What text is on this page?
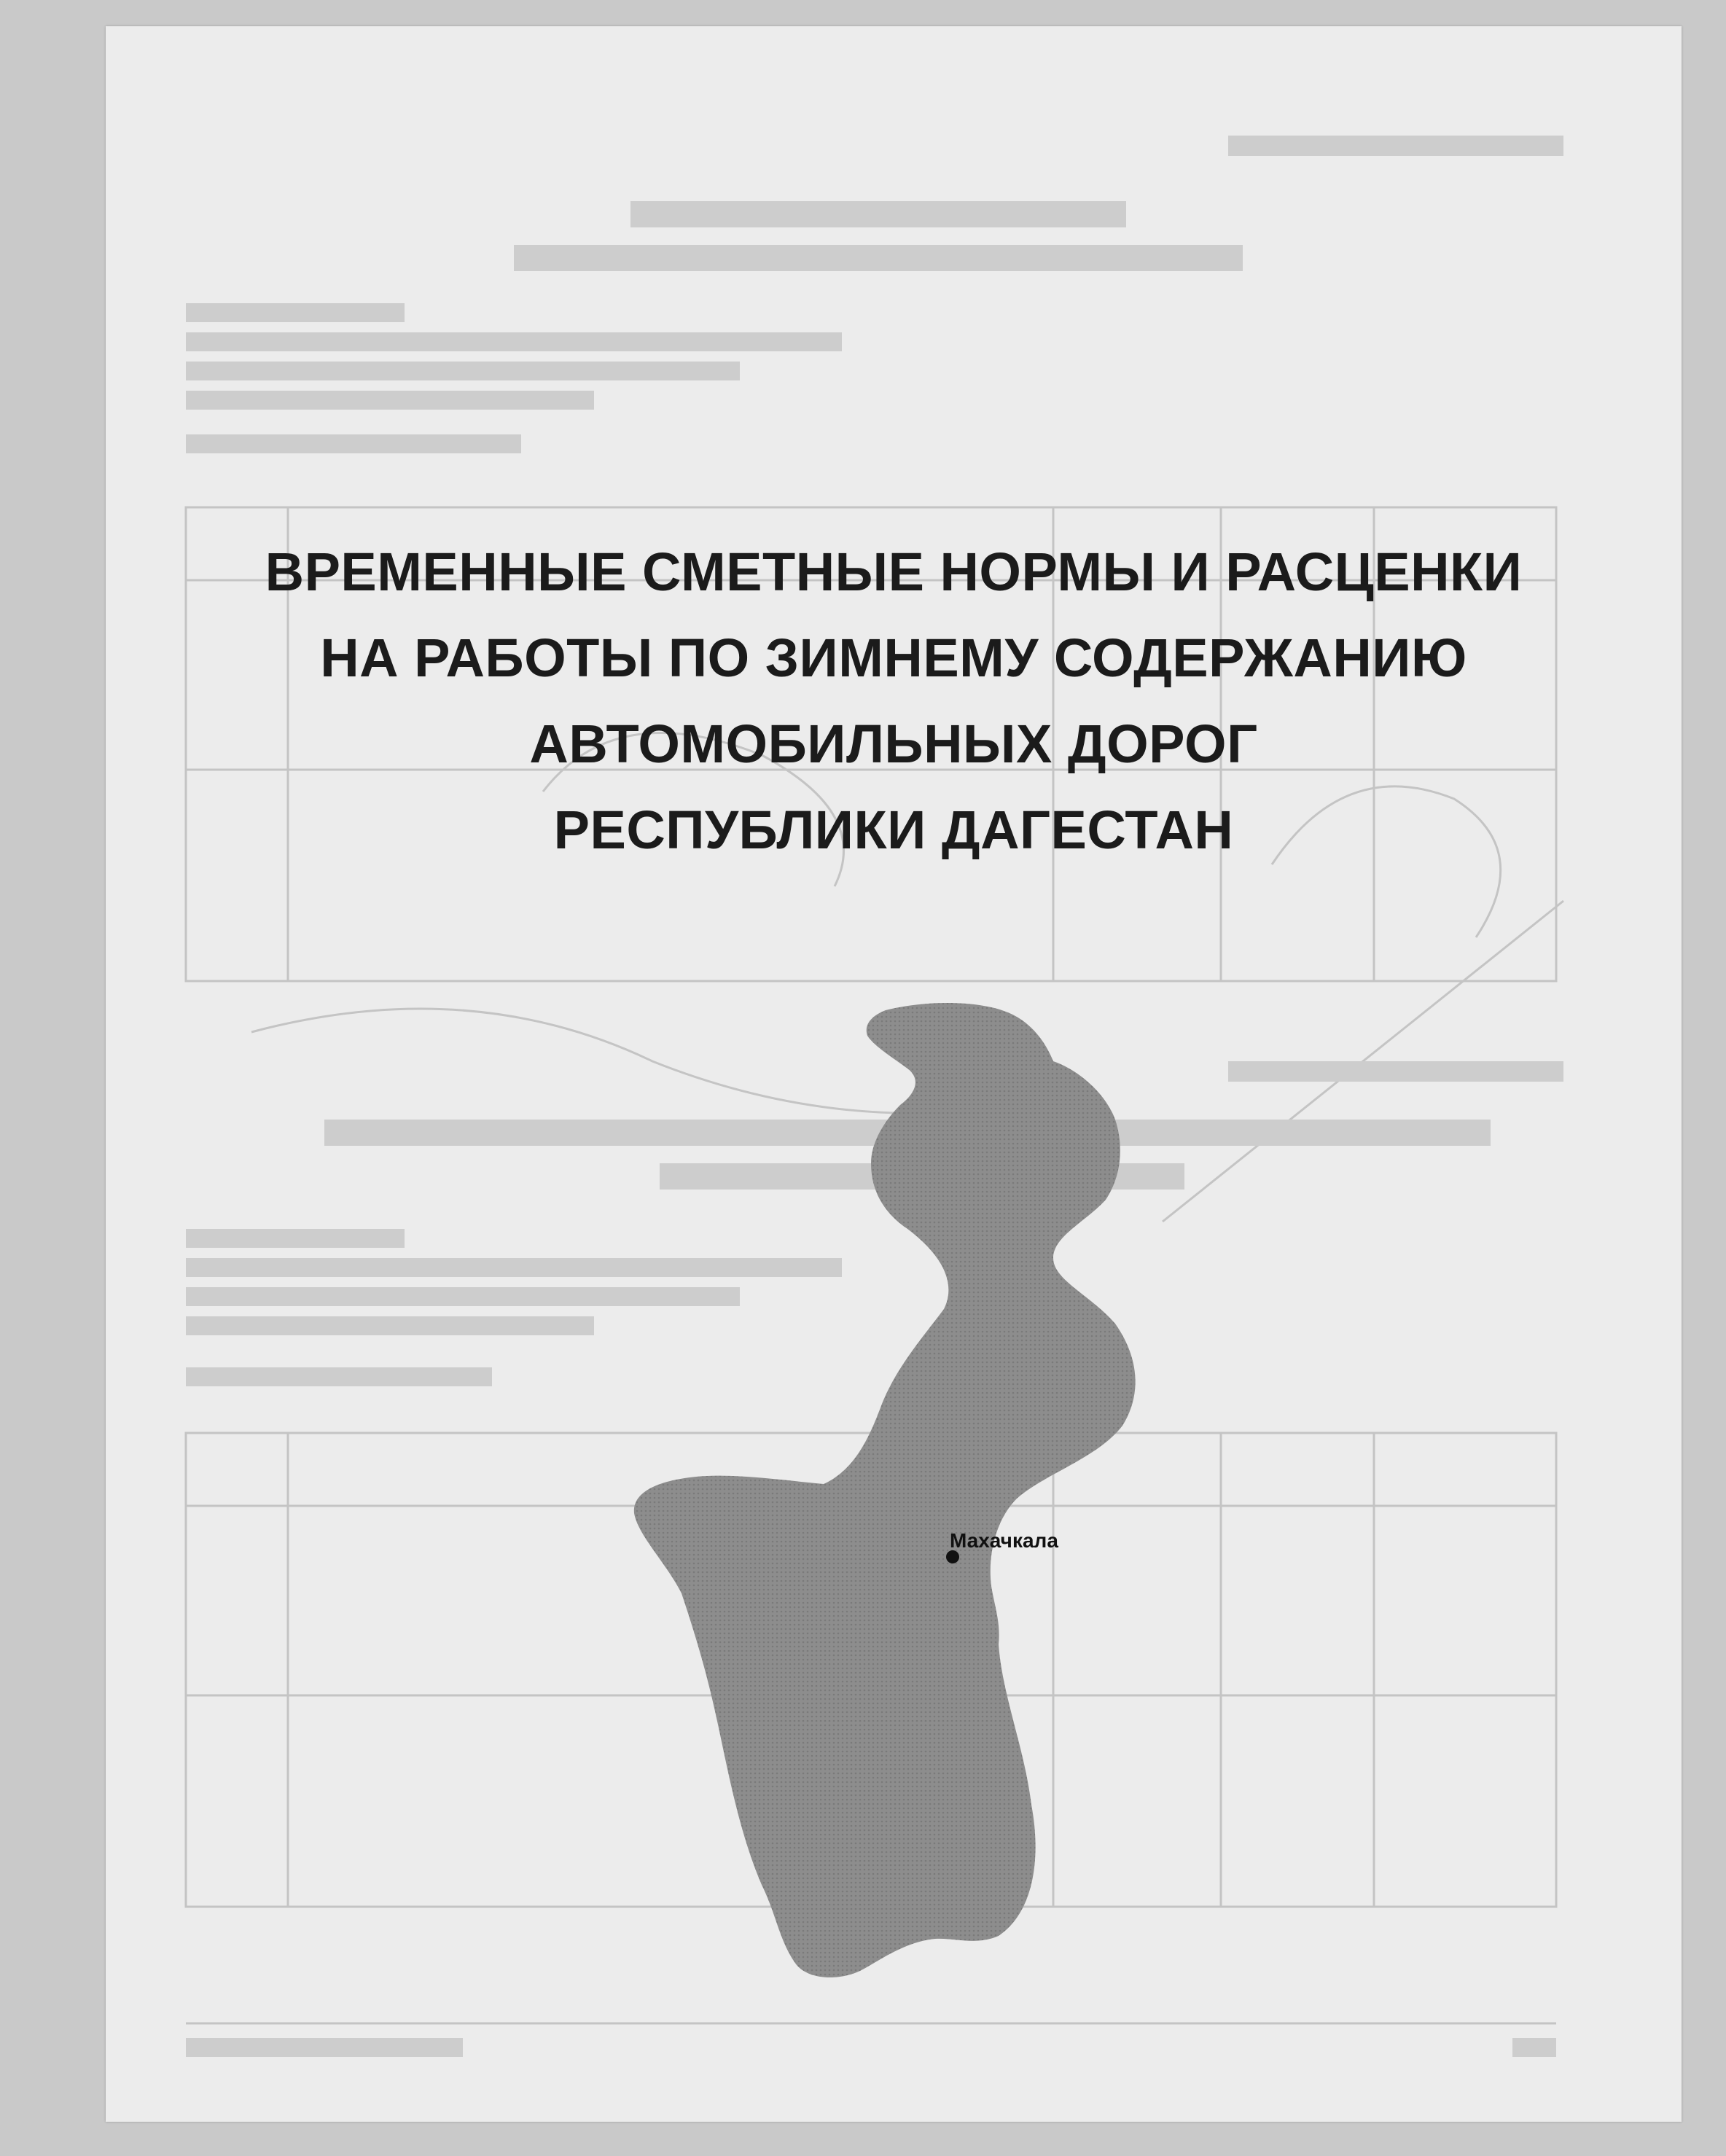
ВРЕМЕННЫЕ СМЕТНЫЕ НОРМЫ И РАСЦЕНКИ
НА РАБОТЫ ПО ЗИМНЕМУ СОДЕРЖАНИЮ
АВТОМОБИЛЬНЫХ ДОРОГ
РЕСПУБЛИКИ ДАГЕСТАН
Махачкала
